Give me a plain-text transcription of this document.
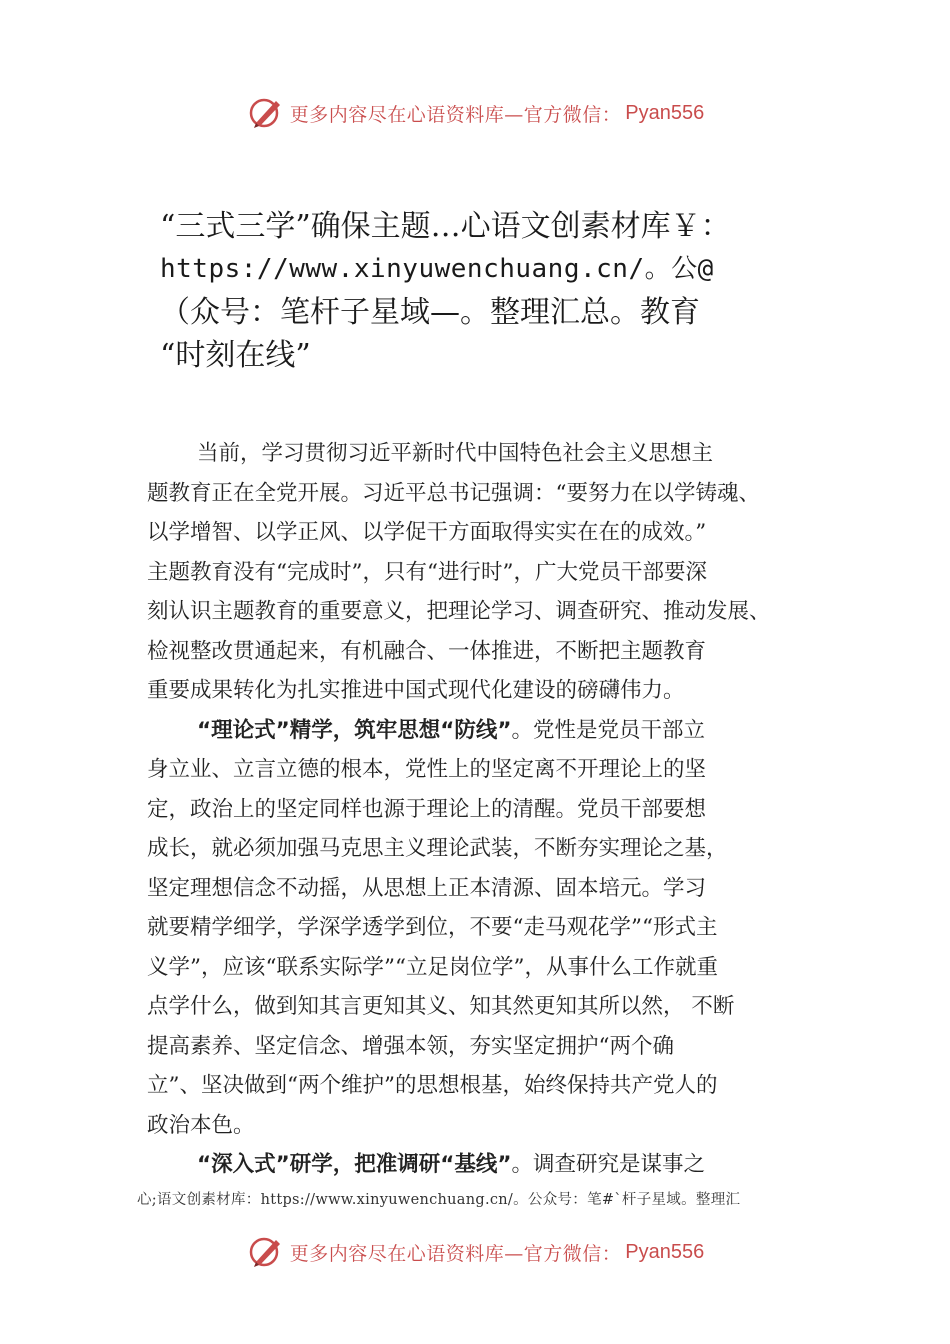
更多内容尽在心语资料库—官方微信： Pyan556
“三式三学”确保主题…心语文创素材库￥：
https://www.xinyuwenchuang.cn/。公@
（众号：笔杆子星域—。整理汇总。教育
“时刻在线”
当前，学习贯彻习近平新时代中国特色社会主义思想主
题教育正在全党开展。习近平总书记强调：“要努力在以学铸魂、
以学增智、以学正风、以学促干方面取得实实在在的成效。”
主题教育没有“完成时”，只有“进行时”，广大党员干部要深
刻认识主题教育的重要意义，把理论学习、调查研究、推动发展、
检视整改贯通起来，有机融合、一体推进，不断把主题教育
重要成果转化为扎实推进中国式现代化建设的磅礴伟力。
“理论式”精学，筑牢思想“防线”。党性是党员干部立
身立业、立言立德的根本，党性上的坚定离不开理论上的坚
定，政治上的坚定同样也源于理论上的清醒。党员干部要想
成长，就必须加强马克思主义理论武装，不断夯实理论之基，
坚定理想信念不动摇，从思想上正本清源、固本培元。学习
就要精学细学，学深学透学到位，不要“走马观花学”“形式主
义学”，应该“联系实际学”“立足岗位学”，从事什么工作就重
点学什么，做到知其言更知其义、知其然更知其所以然， 不断
提高素养、坚定信念、增强本领，夯实坚定拥护“两个确
立”、坚决做到“两个维护”的思想根基，始终保持共产党人的
政治本色。
“深入式”研学，把准调研“基线”。调查研究是谋事之
心;语文创素材库：https://www.xinyuwenchuang.cn/。公众号：笔#`杆子星域。整理汇
更多内容尽在心语资料库—官方微信： Pyan556
